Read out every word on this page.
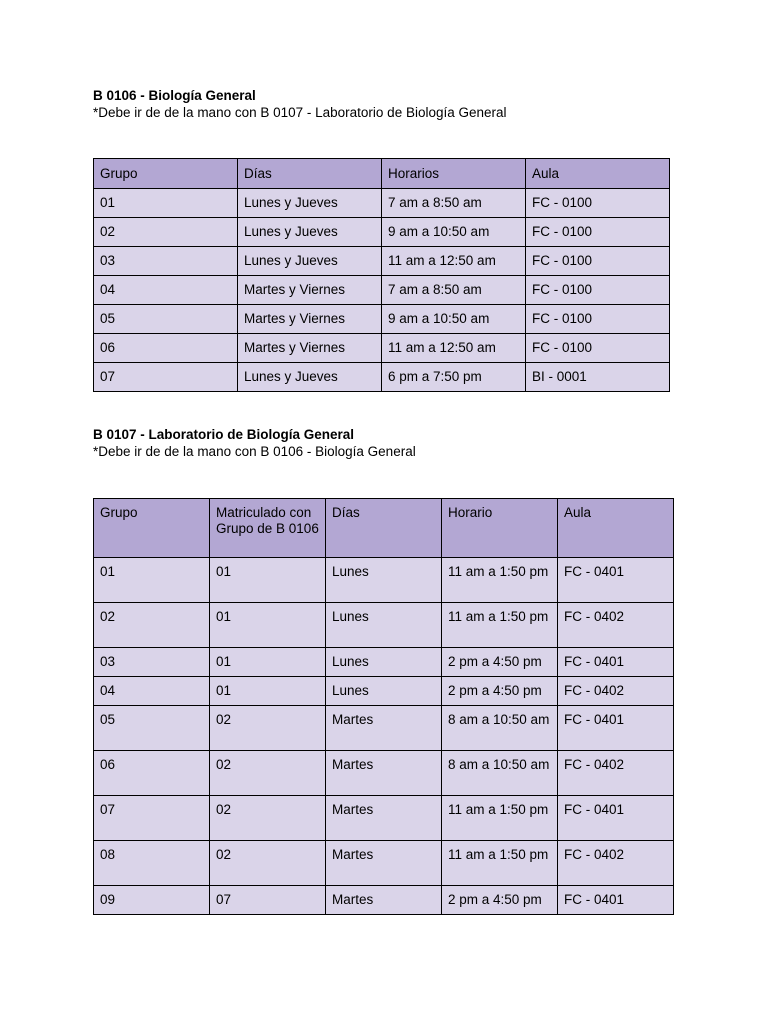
B 0106 - Biología General
*Debe ir de de la mano con B 0107 - Laboratorio de Biología General
Grupo	Días	Horarios	Aula
01	Lunes y Jueves	7 am a 8:50 am	FC - 0100
02	Lunes y Jueves	9 am a 10:50 am	FC - 0100
03	Lunes y Jueves	11 am a 12:50 am	FC - 0100
04	Martes y Viernes	7 am a 8:50 am	FC - 0100
05	Martes y Viernes	9 am a 10:50 am	FC - 0100
06	Martes y Viernes	11 am a 12:50 am	FC - 0100
07	Lunes y Jueves	6 pm a 7:50 pm	BI - 0001
B 0107 - Laboratorio de Biología General
*Debe ir de de la mano con B 0106 - Biología General
Grupo	Matriculado con Grupo de B 0106	Días	Horario	Aula
01	01	Lunes	11 am a 1:50 pm	FC - 0401
02	01	Lunes	11 am a 1:50 pm	FC - 0402
03	01	Lunes	2 pm a 4:50 pm	FC - 0401
04	01	Lunes	2 pm a 4:50 pm	FC - 0402
05	02	Martes	8 am a 10:50 am	FC - 0401
06	02	Martes	8 am a 10:50 am	FC - 0402
07	02	Martes	11 am a 1:50 pm	FC - 0401
08	02	Martes	11 am a 1:50 pm	FC - 0402
09	07	Martes	2 pm a 4:50 pm	FC - 0401
